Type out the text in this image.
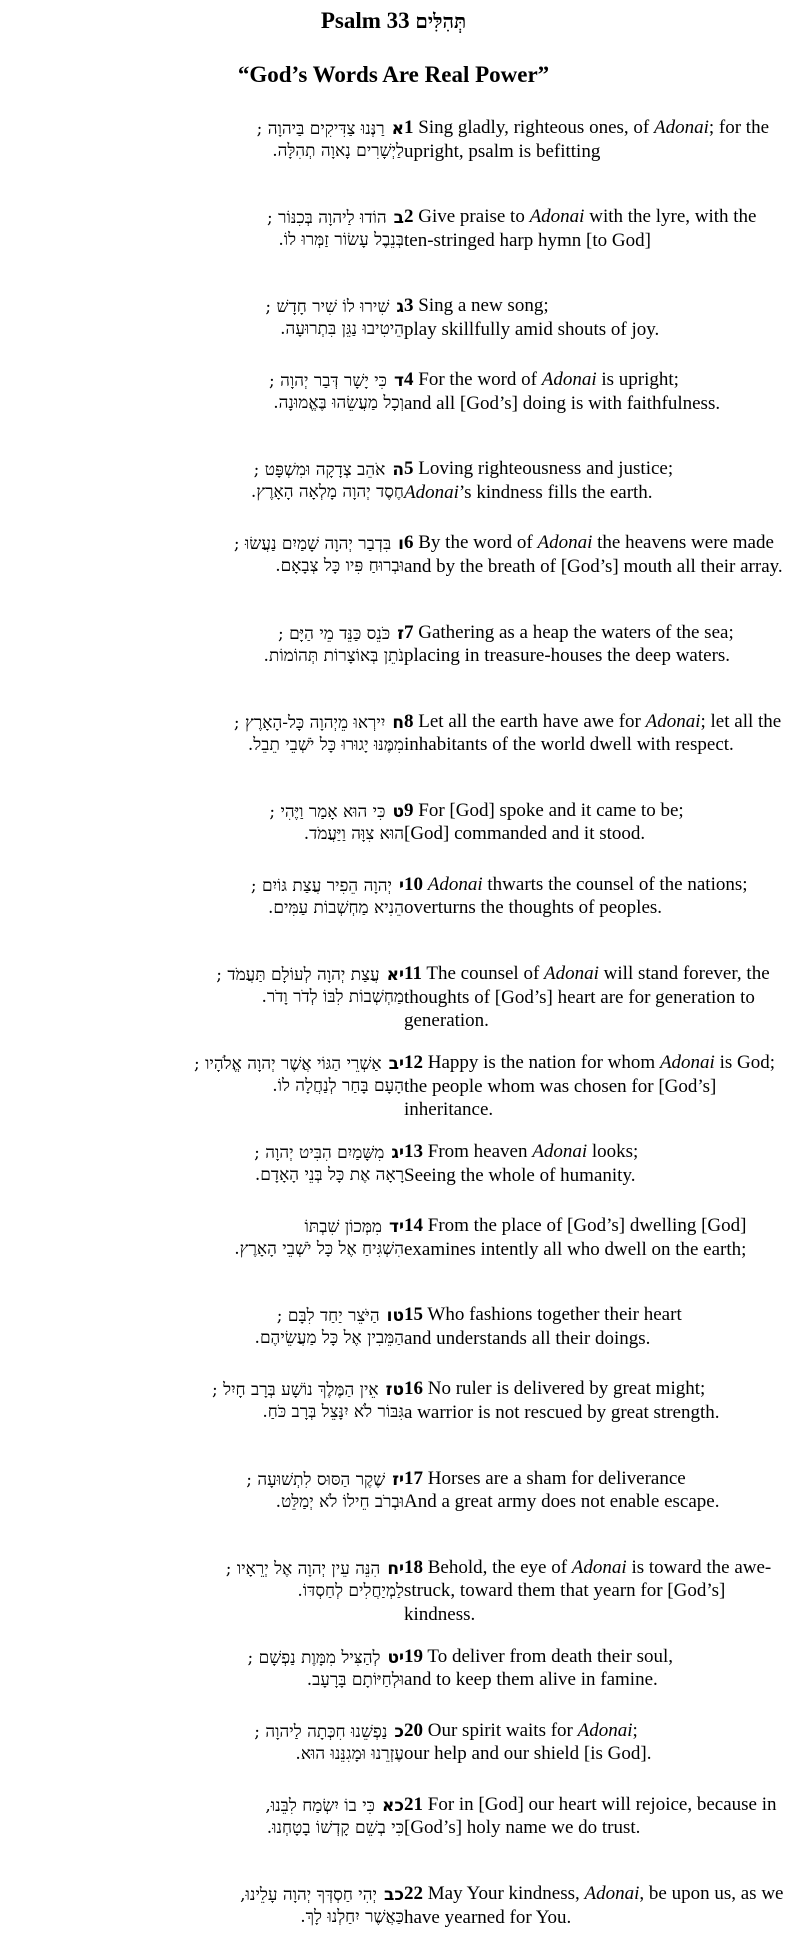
Psalm 33 תְּהִלִּים
“God’s Words Are Real Power”
ארַנְּנוּ צַדִּיקִים בַּיהוָה ;
לַיְשָׁרִים נָאוָה תְהִלָּה.
1 Sing gladly, righteous ones, of Adonai; for the upright, psalm is befitting
בהוֹדוּ לַיהוָה בְּכִנּוֹר ;
בְּנֵבֶל עָשׂוֹר זַמְּרוּ לוֹ.
2 Give praise to Adonai with the lyre, with the ten-stringed harp hymn [to God]
גשִׁירוּ לוֹ שִׁיר חָדָשׁ ;
הֵיטִיבוּ נַגֵּן בִּתְרוּעָה.
3 Sing a new song;
play skillfully amid shouts of joy.
דכִּי יָשָׁר דְּבַר יְהוָה ;
וְכָל מַעֲשֵׂהוּ בֶּאֱמוּנָה.
4 For the word of Adonai is upright;
and all [God’s] doing is with faithfulness.
האֹהֵב צְדָקָה וּמִשְׁפָּט ;
חֶסֶד יְהוָה מָלְאָה הָאָרֶץ.
5 Loving righteousness and justice;
Adonai’s kindness fills the earth.
ובִּדְבַר יְהוָה שָׁמַיִם נַעֲשׂוּ ;
וּבְרוּחַ פִּיו כָּל צְבָאָם.
6 By the word of Adonai the heavens were made and by the breath of [God’s] mouth all their array.
זכֹּנֵס כַּנֵּד מֵי הַיָּם ;
נֹתֵן בְּאוֹצָרוֹת תְּהוֹמוֹת.
7 Gathering as a heap the waters of the sea; placing in treasure-houses the deep waters.
חיִירְאוּ מֵיְהוָה כָּל-הָאָרֶץ ;
מִמֶּנּוּ יָגוּרוּ כָּל יֹשְׁבֵי תֵבֵל.
8 Let all the earth have awe for Adonai; let all the inhabitants of the world dwell with respect.
טכִּי הוּא אָמַר וַיֶּהִי ;
הוּא צִוָּה וַיַּעֲמֹד.
9 For [God] spoke and it came to be;
[God] commanded and it stood.
ייְהוָה הֵפִיר עֲצַת גּוֹיִם ;
הֵנִיא מַחְשְׁבוֹת עַמִּים.
10 Adonai thwarts the counsel of the nations; overturns the thoughts of peoples.
יאעֲצַת יְהוָה לְעוֹלָם תַּעֲמֹד ;
מַחְשְׁבוֹת לִבּוֹ לְדֹר וָדֹר.
11 The counsel of Adonai will stand forever, the thoughts of [God’s] heart are for generation to generation.
יבאַשְׁרֵי הַגּוֹי אֲשֶׁר יְהוָה אֱלֹהָיו ;
הָעָם בָּחַר לְנַחֲלָה לוֹ.
12 Happy is the nation for whom Adonai is God; the people whom was chosen for [God’s] inheritance.
יגמִשָּׁמַיִם הִבִּיט יְהוָה ;
רָאָה אֶת כָּל בְּנֵי הָאָדָם.
13 From heaven Adonai looks;
Seeing the whole of humanity.
ידמִמְּכוֹן שִׁבְתּוֹ
הִשְׁגִּיחַ אֶל כָּל יֹשְׁבֵי הָאָרֶץ.
14 From the place of [God’s] dwelling [God] examines intently all who dwell on the earth;
טוהַיֹּצֵר יַחַד לִבָּם ;
הַמֵּבִין אֶל כָּל מַעֲשֵׂיהֶם.
15 Who fashions together their heart
and understands all their doings.
טזאֵין הַמֶּלֶךְ נוֹשָׁע בְּרָב חָיִל ;
גִּבּוֹר לֹא יִנָּצֵל בְּרָב כֹּחַ.
16 No ruler is delivered by great might;
a warrior is not rescued by great strength.
יזשֶׁקֶר הַסּוּס לִתְשׁוּעָה ;
וּבְרֹב חֵילוֹ לֹא יְמַלֵּט.
17 Horses are a sham for deliverance
And a great army does not enable escape.
יחהִנֵּה עֵין יְהוָה אֶל יְרֵאָיו ;
לַמְיַחֲלִים לְחַסְדּוֹ.
18 Behold, the eye of Adonai is toward the awe-struck, toward them that yearn for [God’s] kindness.
יטלְהַצִּיל מִמָּוֶת נַפְשָׁם ;
וּלְחַיּוֹתָם בָּרָעָב.
19 To deliver from death their soul,
and to keep them alive in famine.
כנַפְשֵׁנוּ חִכְּתָה לַיהוָה ;
עֶזְרֵנוּ וּמָגִנֵּנוּ הוּא.
20 Our spirit waits for Adonai;
our help and our shield [is God].
כאכִּי בוֹ יִשְׂמַח לִבֵּנוּ,
כִּי בְשֵׁם קָדְשׁוֹ בָטָחְנוּ.
21 For in [God] our heart will rejoice, because in [God’s] holy name we do trust.
כביְהִי חַסְדְּךָ יְהוָה עָלֵינוּ,
כַּאֲשֶׁר יִחַלְנוּ לָךְ.
22 May Your kindness, Adonai, be upon us, as we have yearned for You.
